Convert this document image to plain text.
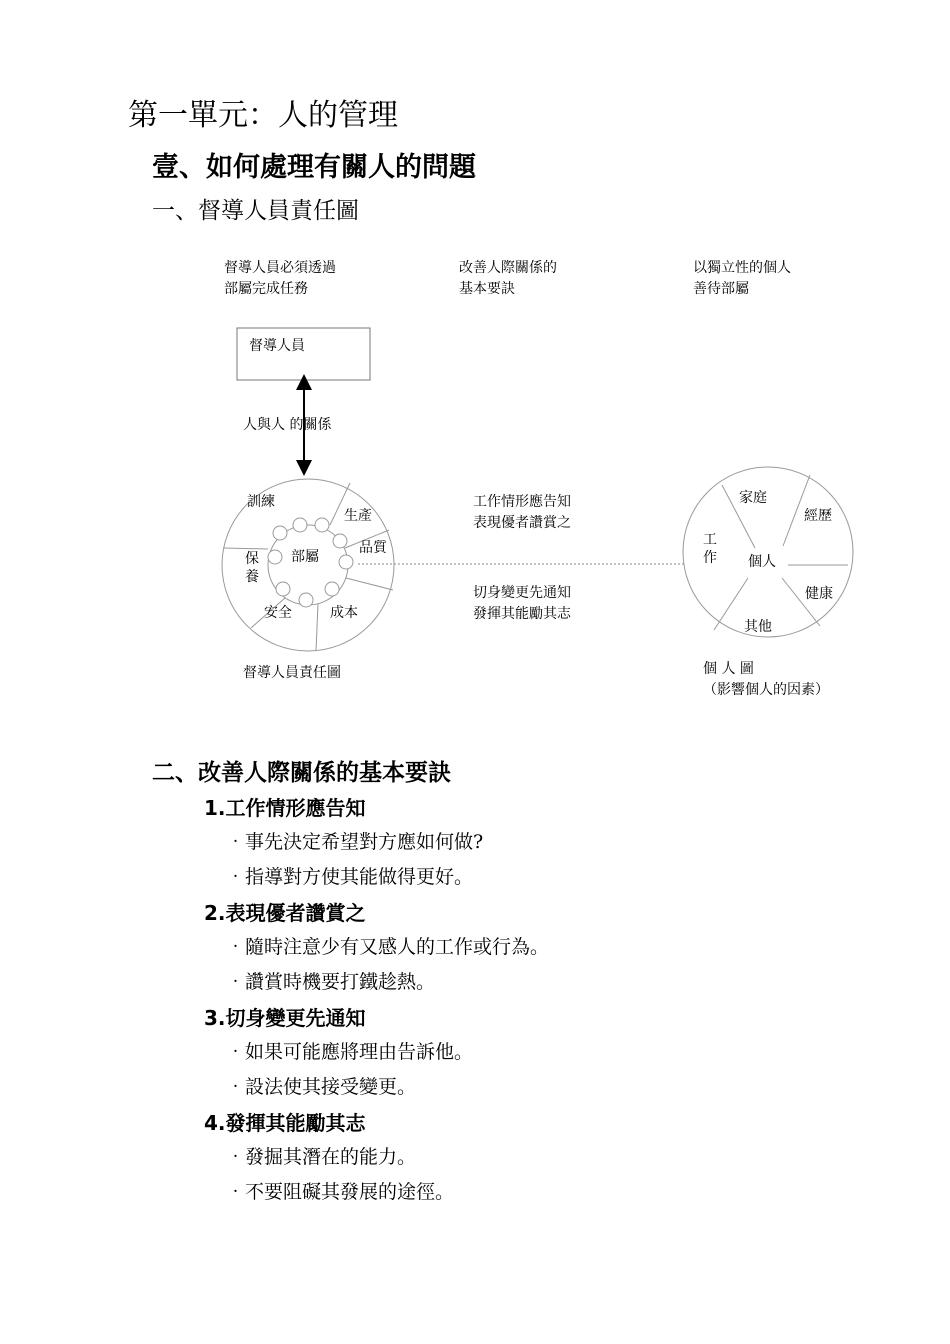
第一單元：人的管理
壹、如何處理有關人的問題
一、督導人員責任圖
督導人員必須透過
部屬完成任務
改善人際關係的
基本要訣
以獨立性的個人
善待部屬
督導人員
人與人 的關係
訓練
生產
品質
部屬
保養
安全	成本
督導人員責任圖
工作情形應告知
表現優者讚賞之
切身變更先通知
發揮其能勵其志
家庭
經歷
工
作 個人
健康
其他
個 人 圖
（影響個人的因素）
二、改善人際關係的基本要訣
1.工作情形應告知
‧事先決定希望對方應如何做?
‧指導對方使其能做得更好。
2.表現優者讚賞之
‧隨時注意少有又感人的工作或行為。
‧讚賞時機要打鐵趁熱。
3.切身變更先通知
‧如果可能應將理由告訴他。
‧設法使其接受變更。
4.發揮其能勵其志
‧發掘其潛在的能力。
‧不要阻礙其發展的途徑。
